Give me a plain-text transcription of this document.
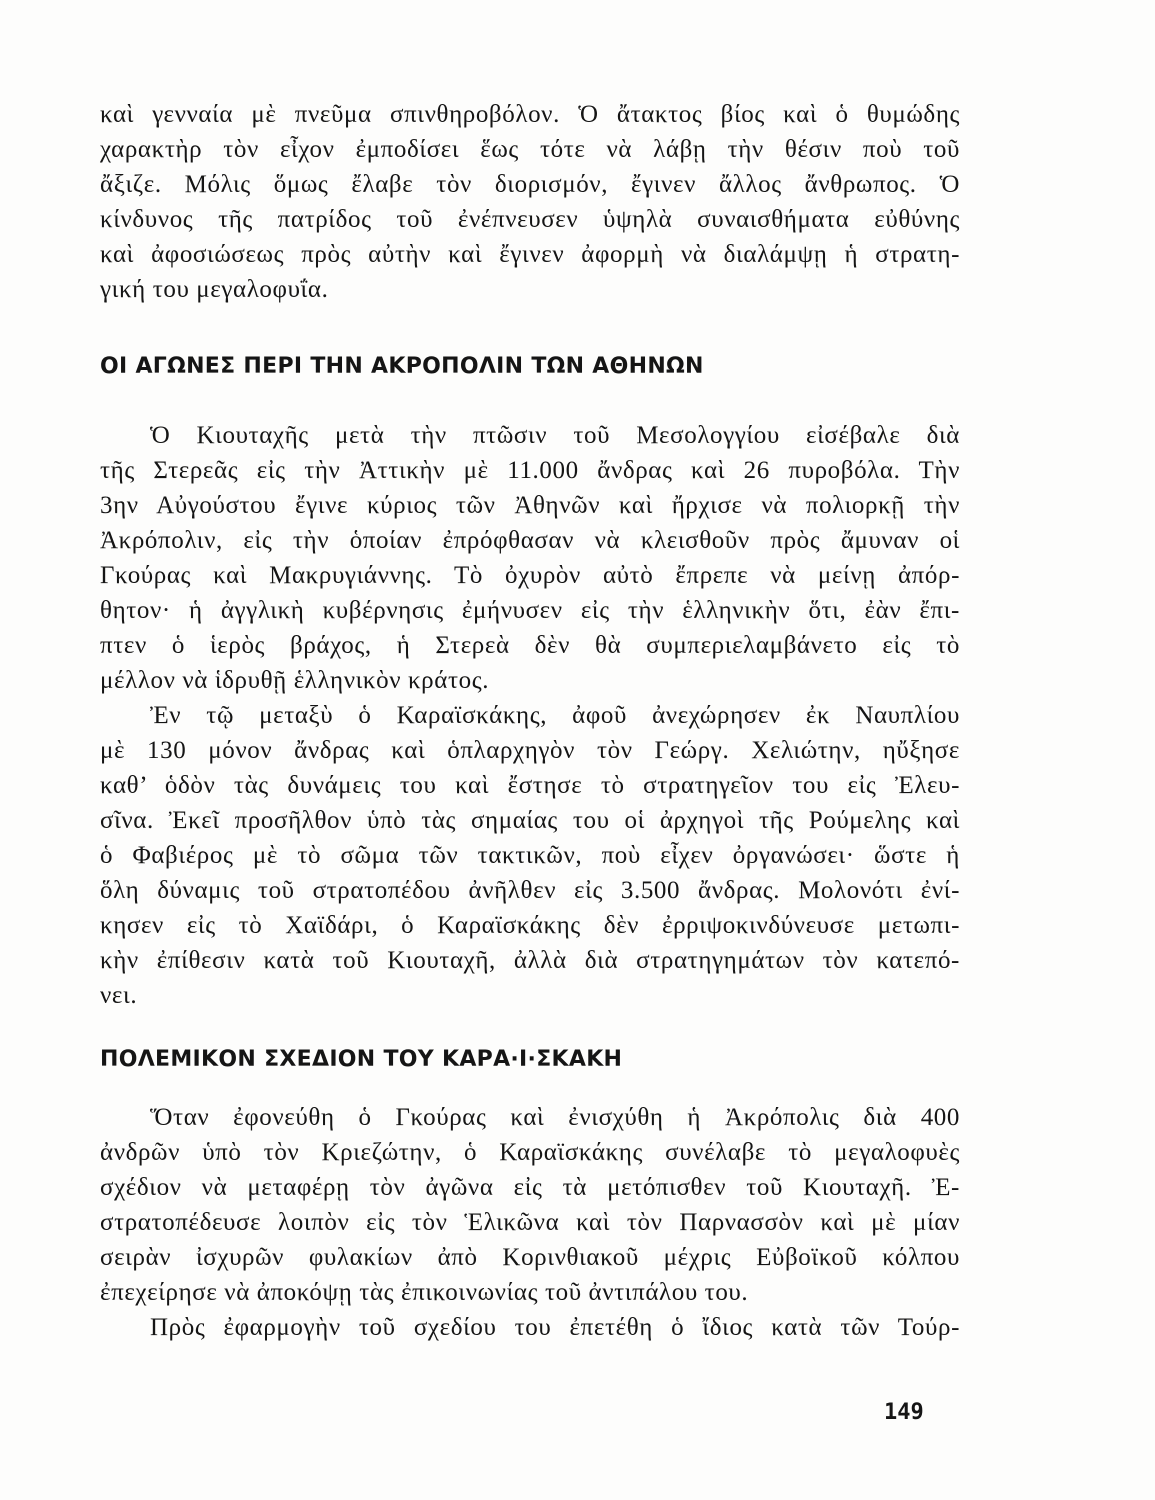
καὶ γενναία μὲ πνεῦμα σπινθηροβόλον. Ὁ ἄτακτος βίος καὶ ὁ θυμώδης
χαρακτὴρ τὸν εἶχον ἐμποδίσει ἕως τότε νὰ λάβῃ τὴν θέσιν ποὺ τοῦ
ἄξιζε. Μόλις ὅμως ἔλαβε τὸν διορισμόν, ἔγινεν ἄλλος ἄνθρωπος. Ὁ
κίνδυνος τῆς πατρίδος τοῦ ἐνέπνευσεν ὑψηλὰ συναισθήματα εὐθύνης
καὶ ἀφοσιώσεως πρὸς αὐτὴν καὶ ἔγινεν ἀφορμὴ νὰ διαλάμψῃ ἡ στρατη-
γική του μεγαλοφυΐα.
ΟΙ ΑΓΩΝΕΣ ΠΕΡΙ ΤΗΝ ΑΚΡΟΠΟΛΙΝ ΤΩΝ ΑΘΗΝΩΝ
Ὁ Κιουταχῆς μετὰ τὴν πτῶσιν τοῦ Μεσολογγίου εἰσέβαλε διὰ
τῆς Στερεᾶς εἰς τὴν Ἀττικὴν μὲ 11.000 ἄνδρας καὶ 26 πυροβόλα. Τὴν
3ην Αὐγούστου ἔγινε κύριος τῶν Ἀθηνῶν καὶ ἤρχισε νὰ πολιορκῇ τὴν
Ἀκρόπολιν, εἰς τὴν ὁποίαν ἐπρόφθασαν νὰ κλεισθοῦν πρὸς ἄμυναν οἱ
Γκούρας καὶ Μακρυγιάννης. Τὸ ὀχυρὸν αὐτὸ ἔπρεπε νὰ μείνῃ ἀπόρ-
θητον· ἡ ἀγγλικὴ κυβέρνησις ἐμήνυσεν εἰς τὴν ἑλληνικὴν ὅτι, ἐὰν ἔπι-
πτεν ὁ ἱερὸς βράχος, ἡ Στερεὰ δὲν θὰ συμπεριελαμβάνετο εἰς τὸ
μέλλον νὰ ἱδρυθῇ ἑλληνικὸν κράτος.
Ἐν τῷ μεταξὺ ὁ Καραϊσκάκης, ἀφοῦ ἀνεχώρησεν ἐκ Ναυπλίου
μὲ 130 μόνον ἄνδρας καὶ ὁπλαρχηγὸν τὸν Γεώργ. Χελιώτην, ηὔξησε
καθ’ ὁδὸν τὰς δυνάμεις του καὶ ἔστησε τὸ στρατηγεῖον του εἰς Ἐλευ-
σῖνα. Ἐκεῖ προσῆλθον ὑπὸ τὰς σημαίας του οἱ ἀρχηγοὶ τῆς Ρούμελης καὶ
ὁ Φαβιέρος μὲ τὸ σῶμα τῶν τακτικῶν, ποὺ εἶχεν ὀργανώσει· ὥστε ἡ
ὅλη δύναμις τοῦ στρατοπέδου ἀνῆλθεν εἰς 3.500 ἄνδρας. Μολονότι ἐνί-
κησεν εἰς τὸ Χαϊδάρι, ὁ Καραϊσκάκης δὲν ἐρριψοκινδύνευσε μετωπι-
κὴν ἐπίθεσιν κατὰ τοῦ Κιουταχῆ, ἀλλὰ διὰ στρατηγημάτων τὸν κατεπό-
νει.
ΠΟΛΕΜΙΚΟΝ ΣΧΕΔΙΟΝ ΤΟΥ ΚΑΡΑ·Ι·ΣΚΑΚΗ
Ὅταν ἐφονεύθη ὁ Γκούρας καὶ ἐνισχύθη ἡ Ἀκρόπολις διὰ 400
ἀνδρῶν ὑπὸ τὸν Κριεζώτην, ὁ Καραϊσκάκης συνέλαβε τὸ μεγαλοφυὲς
σχέδιον νὰ μεταφέρῃ τὸν ἀγῶνα εἰς τὰ μετόπισθεν τοῦ Κιουταχῆ. Ἐ-
στρατοπέδευσε λοιπὸν εἰς τὸν Ἑλικῶνα καὶ τὸν Παρνασσὸν καὶ μὲ μίαν
σειρὰν ἰσχυρῶν φυλακίων ἀπὸ Κορινθιακοῦ μέχρις Εὐβοϊκοῦ κόλπου
ἐπεχείρησε νὰ ἀποκόψῃ τὰς ἐπικοινωνίας τοῦ ἀντιπάλου του.
Πρὸς ἐφαρμογὴν τοῦ σχεδίου του ἐπετέθη ὁ ἴδιος κατὰ τῶν Τούρ-
149
